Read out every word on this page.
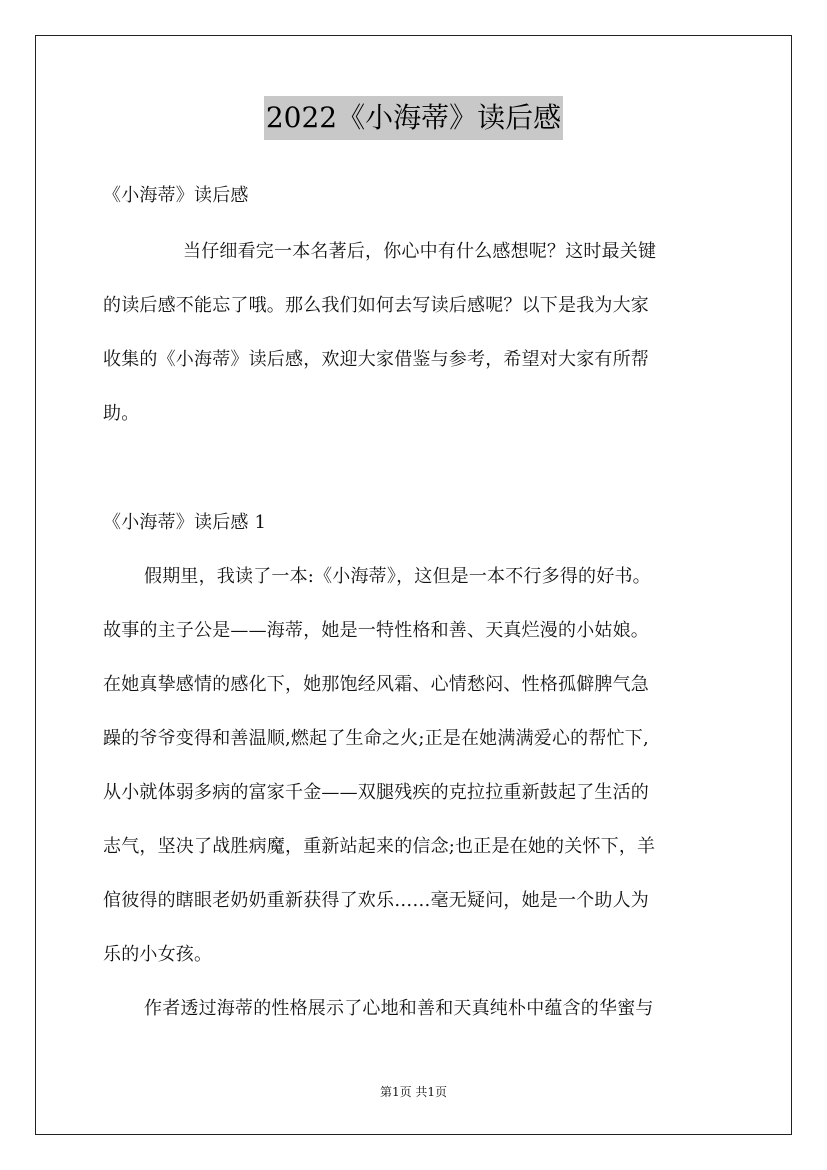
2022《小海蒂》读后感
《小海蒂》读后感
当仔细看完一本名著后，你心中有什么感想呢？这时最关键
的读后感不能忘了哦。那么我们如何去写读后感呢？以下是我为大家
收集的《小海蒂》读后感，欢迎大家借鉴与参考，希望对大家有所帮
助。
《小海蒂》读后感 1
假期里，我读了一本:《小海蒂》，这但是一本不行多得的好书。
故事的主子公是——海蒂，她是一特性格和善、天真烂漫的小姑娘。
在她真挚感情的感化下，她那饱经风霜、心情愁闷、性格孤僻脾气急
躁的爷爷变得和善温顺,燃起了生命之火;正是在她满满爱心的帮忙下,
从小就体弱多病的富家千金——双腿残疾的克拉拉重新鼓起了生活的
志气，坚决了战胜病魔，重新站起来的信念;也正是在她的关怀下，羊
倌彼得的瞎眼老奶奶重新获得了欢乐……毫无疑问，她是一个助人为
乐的小女孩。
作者透过海蒂的性格展示了心地和善和天真纯朴中蕴含的华蜜与
第1页 共1页
